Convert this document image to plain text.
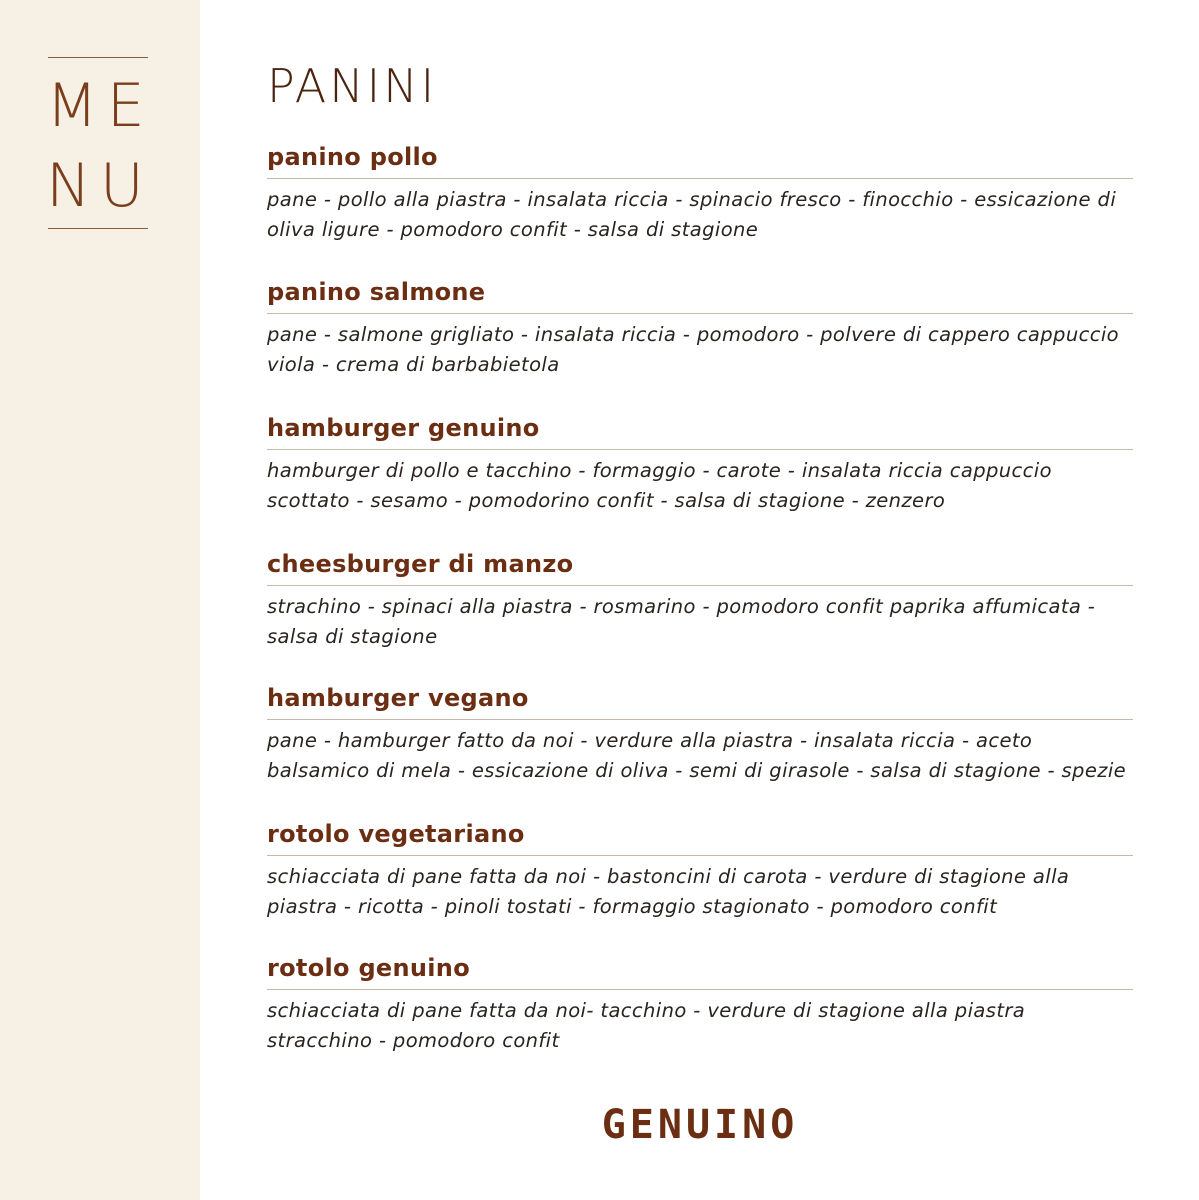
ME
NU
PANINI
panino pollo

pane - pollo alla piastra - insalata riccia - spinacio fresco - finocchio - essicazione di oliva ligure - pomodoro confit - salsa di stagione

panino salmone

pane - salmone grigliato - insalata riccia - pomodoro - polvere di cappero cappuccio viola - crema di barbabietola

hamburger genuino

hamburger di pollo e tacchino - formaggio - carote - insalata riccia cappuccio scottato - sesamo - pomodorino confit - salsa di stagione - zenzero

cheesburger di manzo

strachino - spinaci alla piastra - rosmarino - pomodoro confit paprika affumicata - salsa di stagione

hamburger vegano

pane - hamburger fatto da noi - verdure alla piastra - insalata riccia - aceto balsamico di mela - essicazione di oliva - semi di girasole - salsa di stagione - spezie

rotolo vegetariano

schiacciata di pane fatta da noi - bastoncini di carota - verdure di stagione alla piastra - ricotta - pinoli tostati - formaggio stagionato - pomodoro confit

rotolo genuino

schiacciata di pane fatta da noi- tacchino - verdure di stagione alla piastra stracchino - pomodoro confit

GENUINO
